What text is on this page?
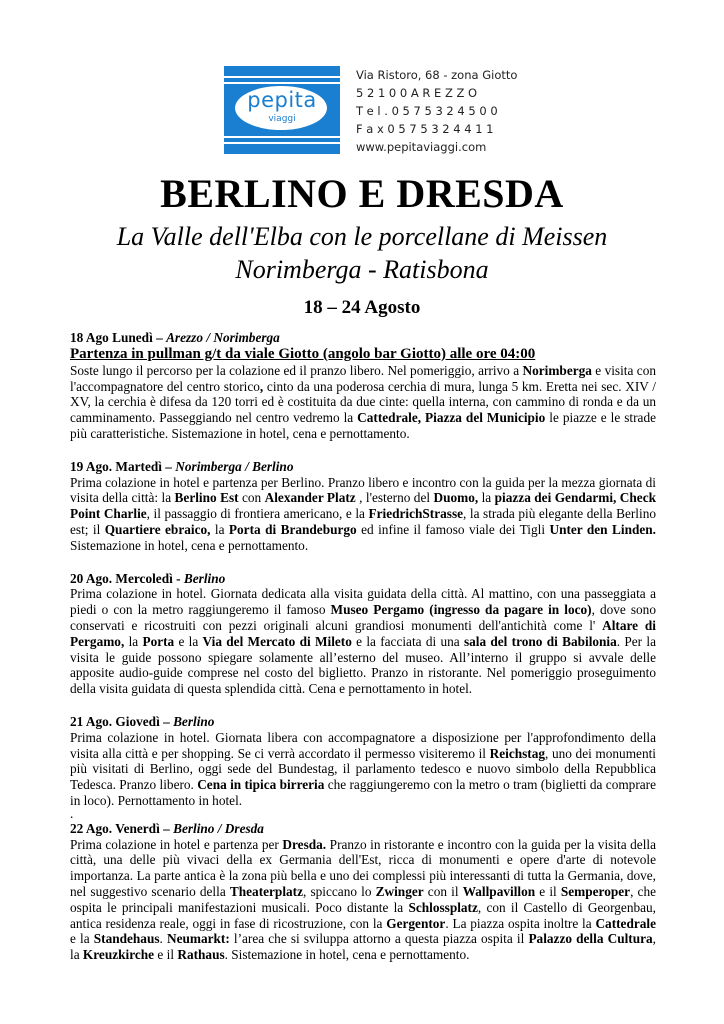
pepita
viaggi
Via Ristoro, 68 - zona Giotto
5 2 1 0 0 A R E Z Z O
T e l . 0 5 7 5 3 2 4 5 0 0
F a x 0 5 7 5 3 2 4 4 1 1
www.pepitaviaggi.com
BERLINO E DRESDA
La Valle dell'Elba con le porcellane di Meissen
Norimberga - Ratisbona
18 – 24 Agosto
18 Ago Lunedì – Arezzo / Norimberga
Partenza in pullman g/t da viale Giotto (angolo bar Giotto) alle ore 04:00

Soste lungo il percorso per la colazione ed il pranzo libero. Nel pomeriggio, arrivo a Norimberga e visita con l'accompagnatore del centro storico, cinto da una poderosa cerchia di mura, lunga 5 km. Eretta nei sec. XIV / XV, la cerchia è difesa da 120 torri ed è costituita da due cinte: quella interna, con cammino di ronda e da un camminamento. Passeggiando nel centro vedremo la Cattedrale, Piazza del Municipio le piazze e le strade più caratteristiche. Sistemazione in hotel, cena e pernottamento.

19 Ago. Martedì – Norimberga / Berlino

Prima colazione in hotel e partenza per Berlino. Pranzo libero e incontro con la guida per la mezza giornata di visita della città: la Berlino Est con Alexander Platz , l'esterno del Duomo, la piazza dei Gendarmi, Check Point Charlie, il passaggio di frontiera americano, e la FriedrichStrasse, la strada più elegante della Berlino est; il Quartiere ebraico, la Porta di Brandeburgo ed infine il famoso viale dei Tigli Unter den Linden. Sistemazione in hotel, cena e pernottamento.

20 Ago. Mercoledì - Berlino

Prima colazione in hotel. Giornata dedicata alla visita guidata della città. Al mattino, con una passeggiata a piedi o con la metro raggiungeremo il famoso Museo Pergamo (ingresso da pagare in loco), dove sono conservati e ricostruiti con pezzi originali alcuni grandiosi monumenti dell'antichità come l' Altare di Pergamo, la Porta e la Via del Mercato di Mileto e la facciata di una sala del trono di Babilonia. Per la visita le guide possono spiegare solamente all’esterno del museo. All’interno il gruppo si avvale delle apposite audio-guide comprese nel costo del biglietto. Pranzo in ristorante. Nel pomeriggio proseguimento della visita guidata di questa splendida città. Cena e pernottamento in hotel.

21 Ago. Giovedì – Berlino

Prima colazione in hotel. Giornata libera con accompagnatore a disposizione per l'approfondimento della visita alla città e per shopping. Se ci verrà accordato il permesso visiteremo il Reichstag, uno dei monumenti più visitati di Berlino, oggi sede del Bundestag, il parlamento tedesco e nuovo simbolo della Repubblica Tedesca. Pranzo libero. Cena in tipica birreria che raggiungeremo con la metro o tram (biglietti da comprare in loco). Pernottamento in hotel.

.
22 Ago. Venerdì – Berlino / Dresda

Prima colazione in hotel e partenza per Dresda. Pranzo in ristorante e incontro con la guida per la visita della città, una delle più vivaci della ex Germania dell'Est, ricca di monumenti e opere d'arte di notevole importanza. La parte antica è la zona più bella e uno dei complessi più interessanti di tutta la Germania, dove, nel suggestivo scenario della Theaterplatz, spiccano lo Zwinger con il Wallpavillon e il Semperoper, che ospita le principali manifestazioni musicali. Poco distante la Schlossplatz, con il Castello di Georgenbau, antica residenza reale, oggi in fase di ricostruzione, con la Gergentor. La piazza ospita inoltre la Cattedrale e la Standehaus. Neumarkt: l’area che si sviluppa attorno a questa piazza ospita il Palazzo della Cultura, la Kreuzkirche e il Rathaus. Sistemazione in hotel, cena e pernottamento.
